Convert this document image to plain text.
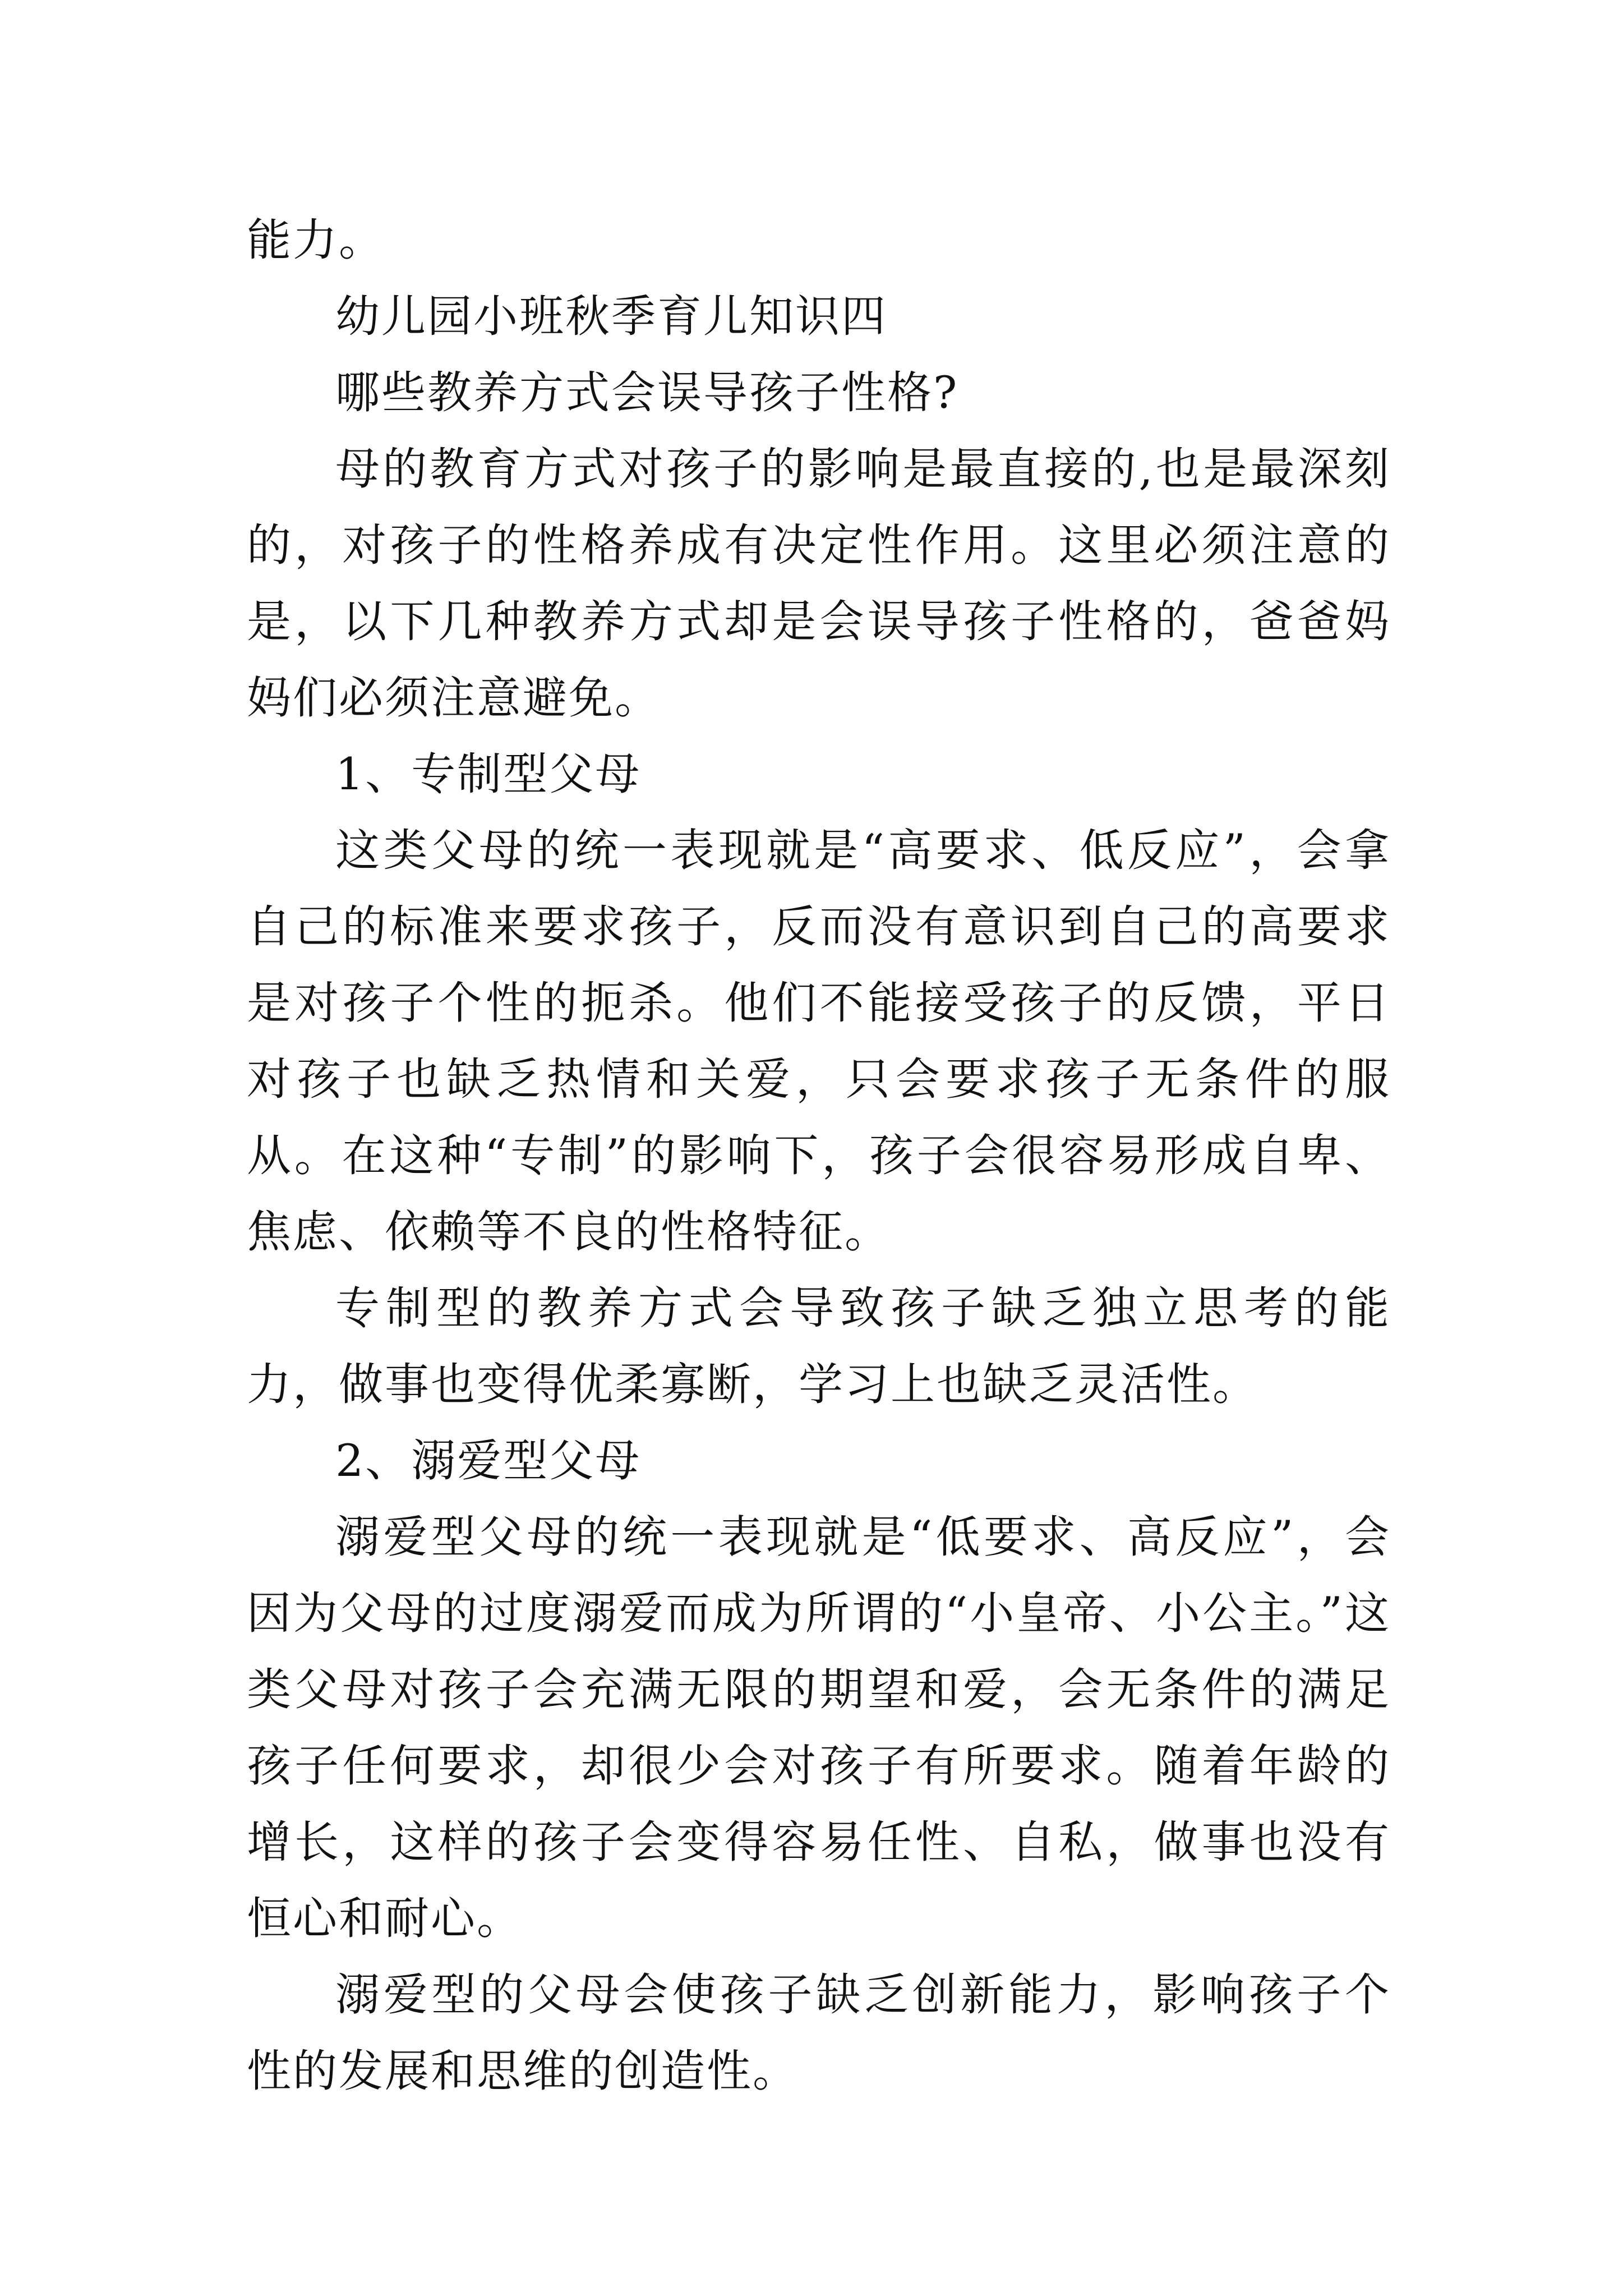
能力。

幼儿园小班秋季育儿知识四

哪些教养方式会误导孩子性格?

母的教育方式对孩子的影响是最直接的,也是最深刻的，对孩子的性格养成有决定性作用。这里必须注意的是，以下几种教养方式却是会误导孩子性格的，爸爸妈妈们必须注意避免。

1、专制型父母

这类父母的统一表现就是“高要求、低反应”，会拿自己的标准来要求孩子，反而没有意识到自己的高要求是对孩子个性的扼杀。他们不能接受孩子的反馈，平日对孩子也缺乏热情和关爱，只会要求孩子无条件的服从。在这种“专制”的影响下，孩子会很容易形成自卑、焦虑、依赖等不良的性格特征。

专制型的教养方式会导致孩子缺乏独立思考的能力，做事也变得优柔寡断，学习上也缺乏灵活性。

2、溺爱型父母

溺爱型父母的统一表现就是“低要求、高反应”，会因为父母的过度溺爱而成为所谓的“小皇帝、小公主。”这类父母对孩子会充满无限的期望和爱，会无条件的满足孩子任何要求，却很少会对孩子有所要求。随着年龄的增长，这样的孩子会变得容易任性、自私，做事也没有恒心和耐心。

溺爱型的父母会使孩子缺乏创新能力，影响孩子个性的发展和思维的创造性。
